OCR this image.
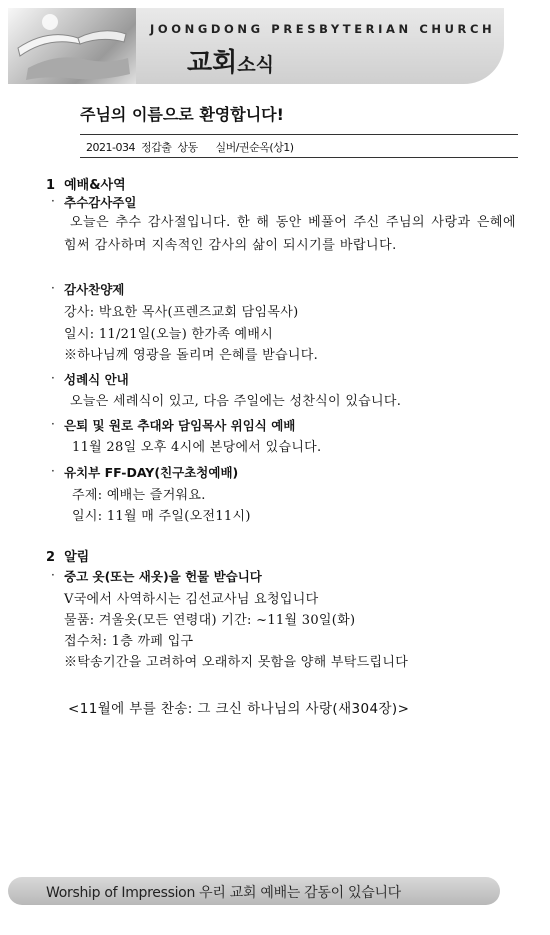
JOONGDONG PRESBYTERIAN CHURCH
교회소식
주님의 이름으로 환영합니다!
2021-034  정갑출  상동      실버/권순옥(상1)
1 예배&사역
· 추수감사주일
오늘은 추수 감사절입니다. 한 해 동안 베풀어 주신 주님의 사랑과 은혜에 힘써 감사하며 지속적인 감사의 삶이 되시기를 바랍니다.
· 감사찬양제
강사: 박요한 목사(프렌즈교회 담임목사)
일시: 11/21일(오늘) 한가족 예배시
※하나님께 영광을 돌리며 은혜를 받습니다.
· 성례식 안내
오늘은 세례식이 있고, 다음 주일에는 성찬식이 있습니다.
· 은퇴 및 원로 추대와 담임목사 위임식 예배
11월 28일 오후 4시에 본당에서 있습니다.
· 유치부 FF-DAY(친구초청예배)
주제: 예배는 즐거워요.
일시: 11월 매 주일(오전11시)
2 알림
· 중고 옷(또는 새옷)을 헌물 받습니다
V국에서 사역하시는 김선교사님 요청입니다
물품: 겨울옷(모든 연령대) 기간: ~11월 30일(화)
접수처: 1층 까페 입구
※탁송기간을 고려하여 오래하지 못함을 양해 부탁드립니다
<11월에 부를 찬송: 그 크신 하나님의 사랑(새304장)>
Worship of Impression 우리 교회 예배는 감동이 있습니다
